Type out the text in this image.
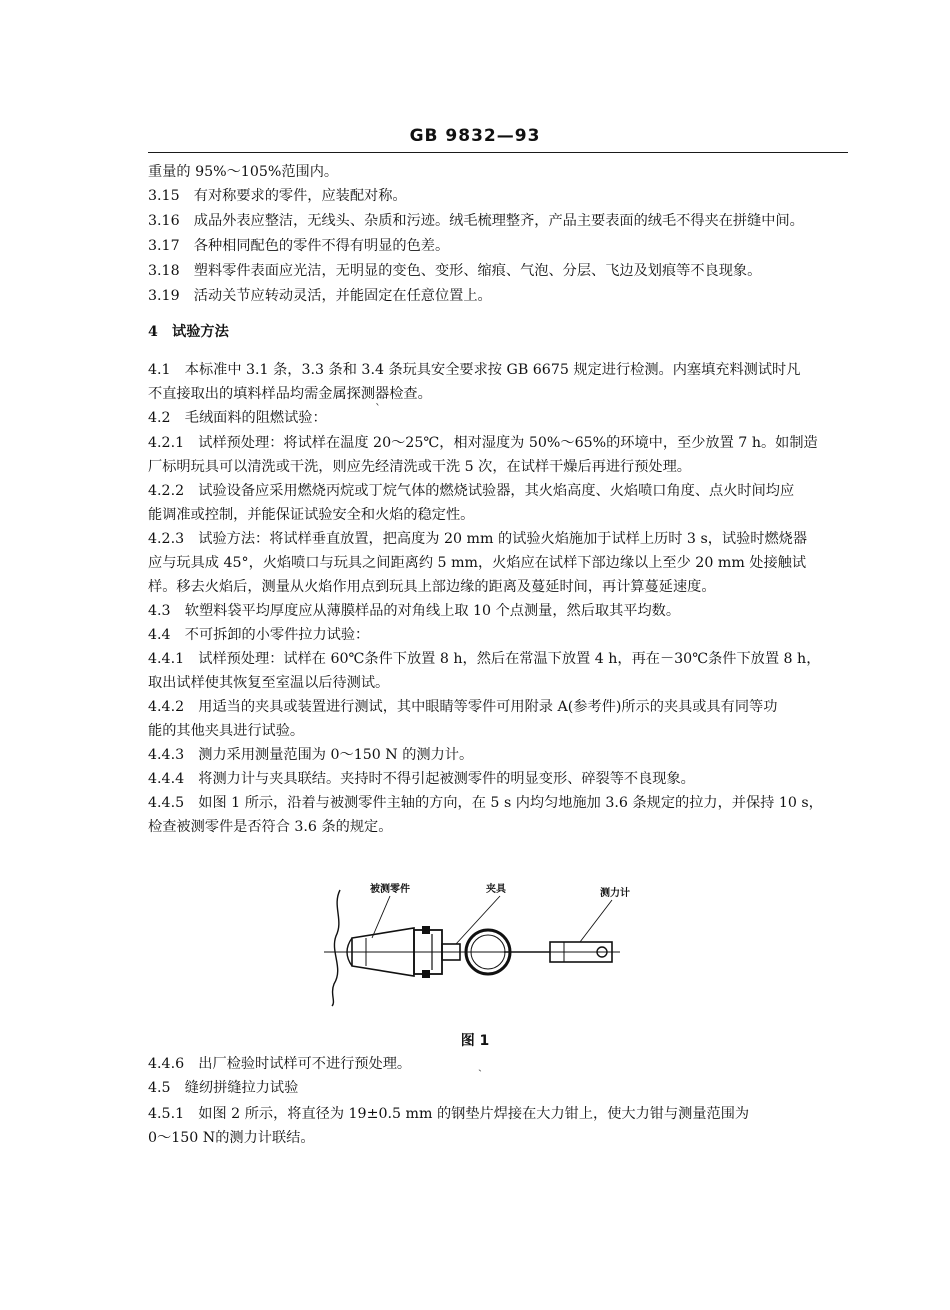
GB 9832—93
重量的 95%～105%范围内。
3.15　有对称要求的零件，应装配对称。
3.16　成品外表应整洁，无线头、杂质和污迹。绒毛梳理整齐，产品主要表面的绒毛不得夹在拼缝中间。
3.17　各种相同配色的零件不得有明显的色差。
3.18　塑料零件表面应光洁，无明显的变色、变形、缩痕、气泡、分层、飞边及划痕等不良现象。
3.19　活动关节应转动灵活，并能固定在任意位置上。
4　试验方法
4.1　本标准中 3.1 条，3.3 条和 3.4 条玩具安全要求按 GB 6675 规定进行检测。内塞填充料测试时凡
不直接取出的填料样品均需金属探测器检查。
4.2　毛绒面料的阻燃试验：
4.2.1　试样预处理：将试样在温度 20～25℃，相对湿度为 50%～65%的环境中，至少放置 7 h。如制造
厂标明玩具可以清洗或干洗，则应先经清洗或干洗 5 次，在试样干燥后再进行预处理。
4.2.2　试验设备应采用燃烧丙烷或丁烷气体的燃烧试验器，其火焰高度、火焰喷口角度、点火时间均应
能调准或控制，并能保证试验安全和火焰的稳定性。
4.2.3　试验方法：将试样垂直放置，把高度为 20 mm 的试验火焰施加于试样上历时 3 s，试验时燃烧器
应与玩具成 45°，火焰喷口与玩具之间距离约 5 mm，火焰应在试样下部边缘以上至少 20 mm 处接触试
样。移去火焰后，测量从火焰作用点到玩具上部边缘的距离及蔓延时间，再计算蔓延速度。
4.3　软塑料袋平均厚度应从薄膜样品的对角线上取 10 个点测量，然后取其平均数。
4.4　不可拆卸的小零件拉力试验：
4.4.1　试样预处理：试样在 60℃条件下放置 8 h，然后在常温下放置 4 h，再在－30℃条件下放置 8 h，
取出试样使其恢复至室温以后待测试。
4.4.2　用适当的夹具或装置进行测试，其中眼睛等零件可用附录 A(参考件)所示的夹具或具有同等功
能的其他夹具进行试验。
4.4.3　测力采用测量范围为 0～150 N 的测力计。
4.4.4　将测力计与夹具联结。夹持时不得引起被测零件的明显变形、碎裂等不良现象。
4.4.5　如图 1 所示，沿着与被测零件主轴的方向，在 5 s 内均匀地施加 3.6 条规定的拉力，并保持 10 s，
检查被测零件是否符合 3.6 条的规定。
ˋ
被测零件	夹具	测力计
图 1
4.4.6　出厂检验时试样可不进行预处理。
4.5　缝纫拼缝拉力试验
4.5.1　如图 2 所示，将直径为 19±0.5 mm 的钢垫片焊接在大力钳上，使大力钳与测量范围为
0～150 N的测力计联结。
ˏ
